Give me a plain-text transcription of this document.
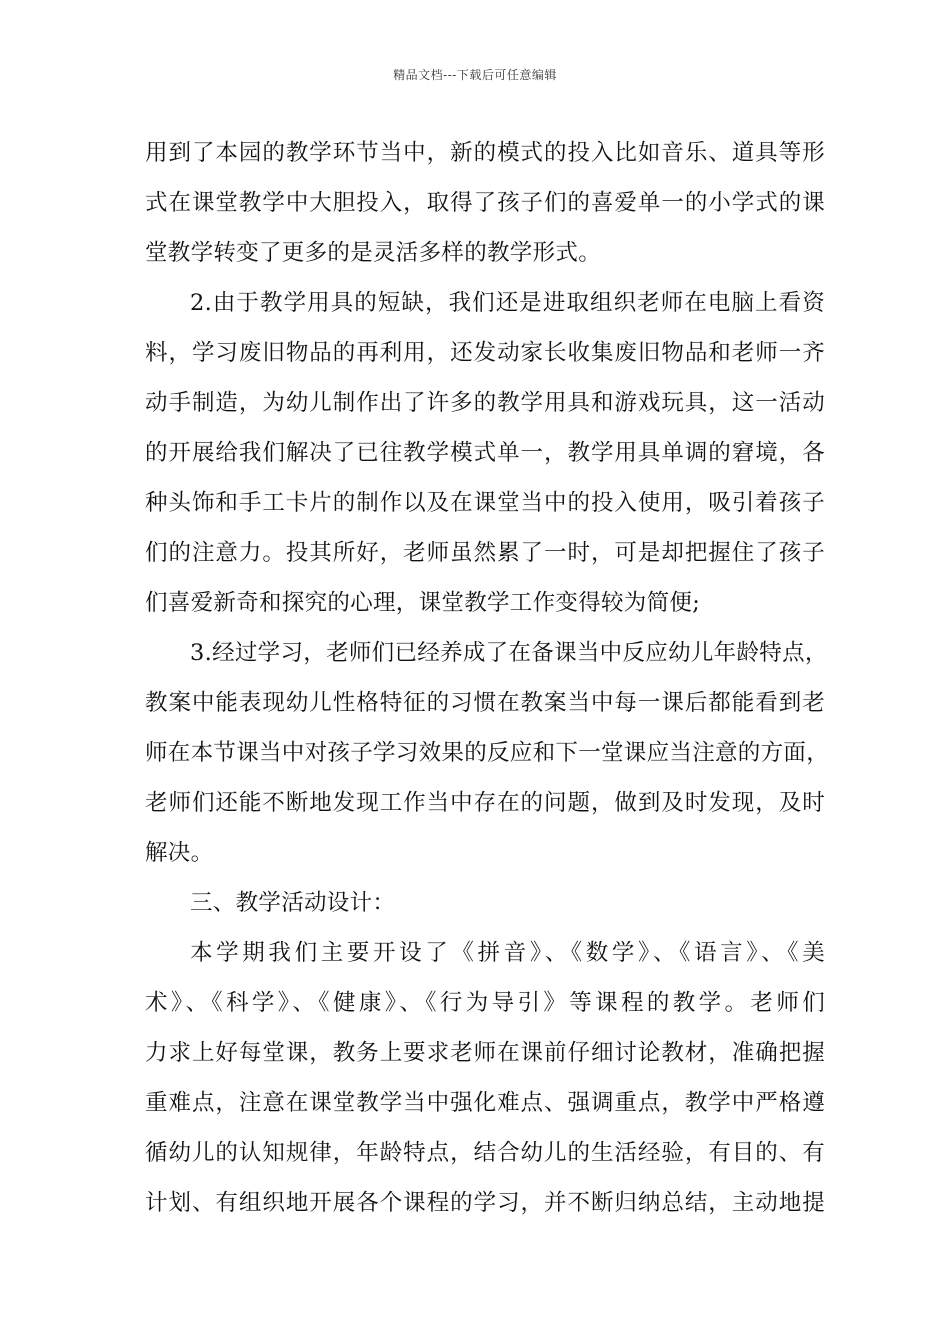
精品文档---下载后可任意编辑
用到了本园的教学环节当中，新的模式的投入比如音乐、道具等形
式在课堂教学中大胆投入，取得了孩子们的喜爱单一的小学式的课
堂教学转变了更多的是灵活多样的教学形式。
2.由于教学用具的短缺，我们还是进取组织老师在电脑上看资
料，学习废旧物品的再利用，还发动家长收集废旧物品和老师一齐
动手制造，为幼儿制作出了许多的教学用具和游戏玩具，这一活动
的开展给我们解决了已往教学模式单一，教学用具单调的窘境，各
种头饰和手工卡片的制作以及在课堂当中的投入使用，吸引着孩子
们的注意力。投其所好，老师虽然累了一时，可是却把握住了孩子
们喜爱新奇和探究的心理，课堂教学工作变得较为简便;
3.经过学习，老师们已经养成了在备课当中反应幼儿年龄特点，
教案中能表现幼儿性格特征的习惯在教案当中每一课后都能看到老
师在本节课当中对孩子学习效果的反应和下一堂课应当注意的方面，
老师们还能不断地发现工作当中存在的问题，做到及时发现，及时
解决。
三、教学活动设计：
本学期我们主要开设了《拼音》、《数学》、《语言》、《美
术》、《科学》、《健康》、《行为导引》等课程的教学。老师们
力求上好每堂课，教务上要求老师在课前仔细讨论教材，准确把握
重难点，注意在课堂教学当中强化难点、强调重点，教学中严格遵
循幼儿的认知规律，年龄特点，结合幼儿的生活经验，有目的、有
计划、有组织地开展各个课程的学习，并不断归纳总结，主动地提
